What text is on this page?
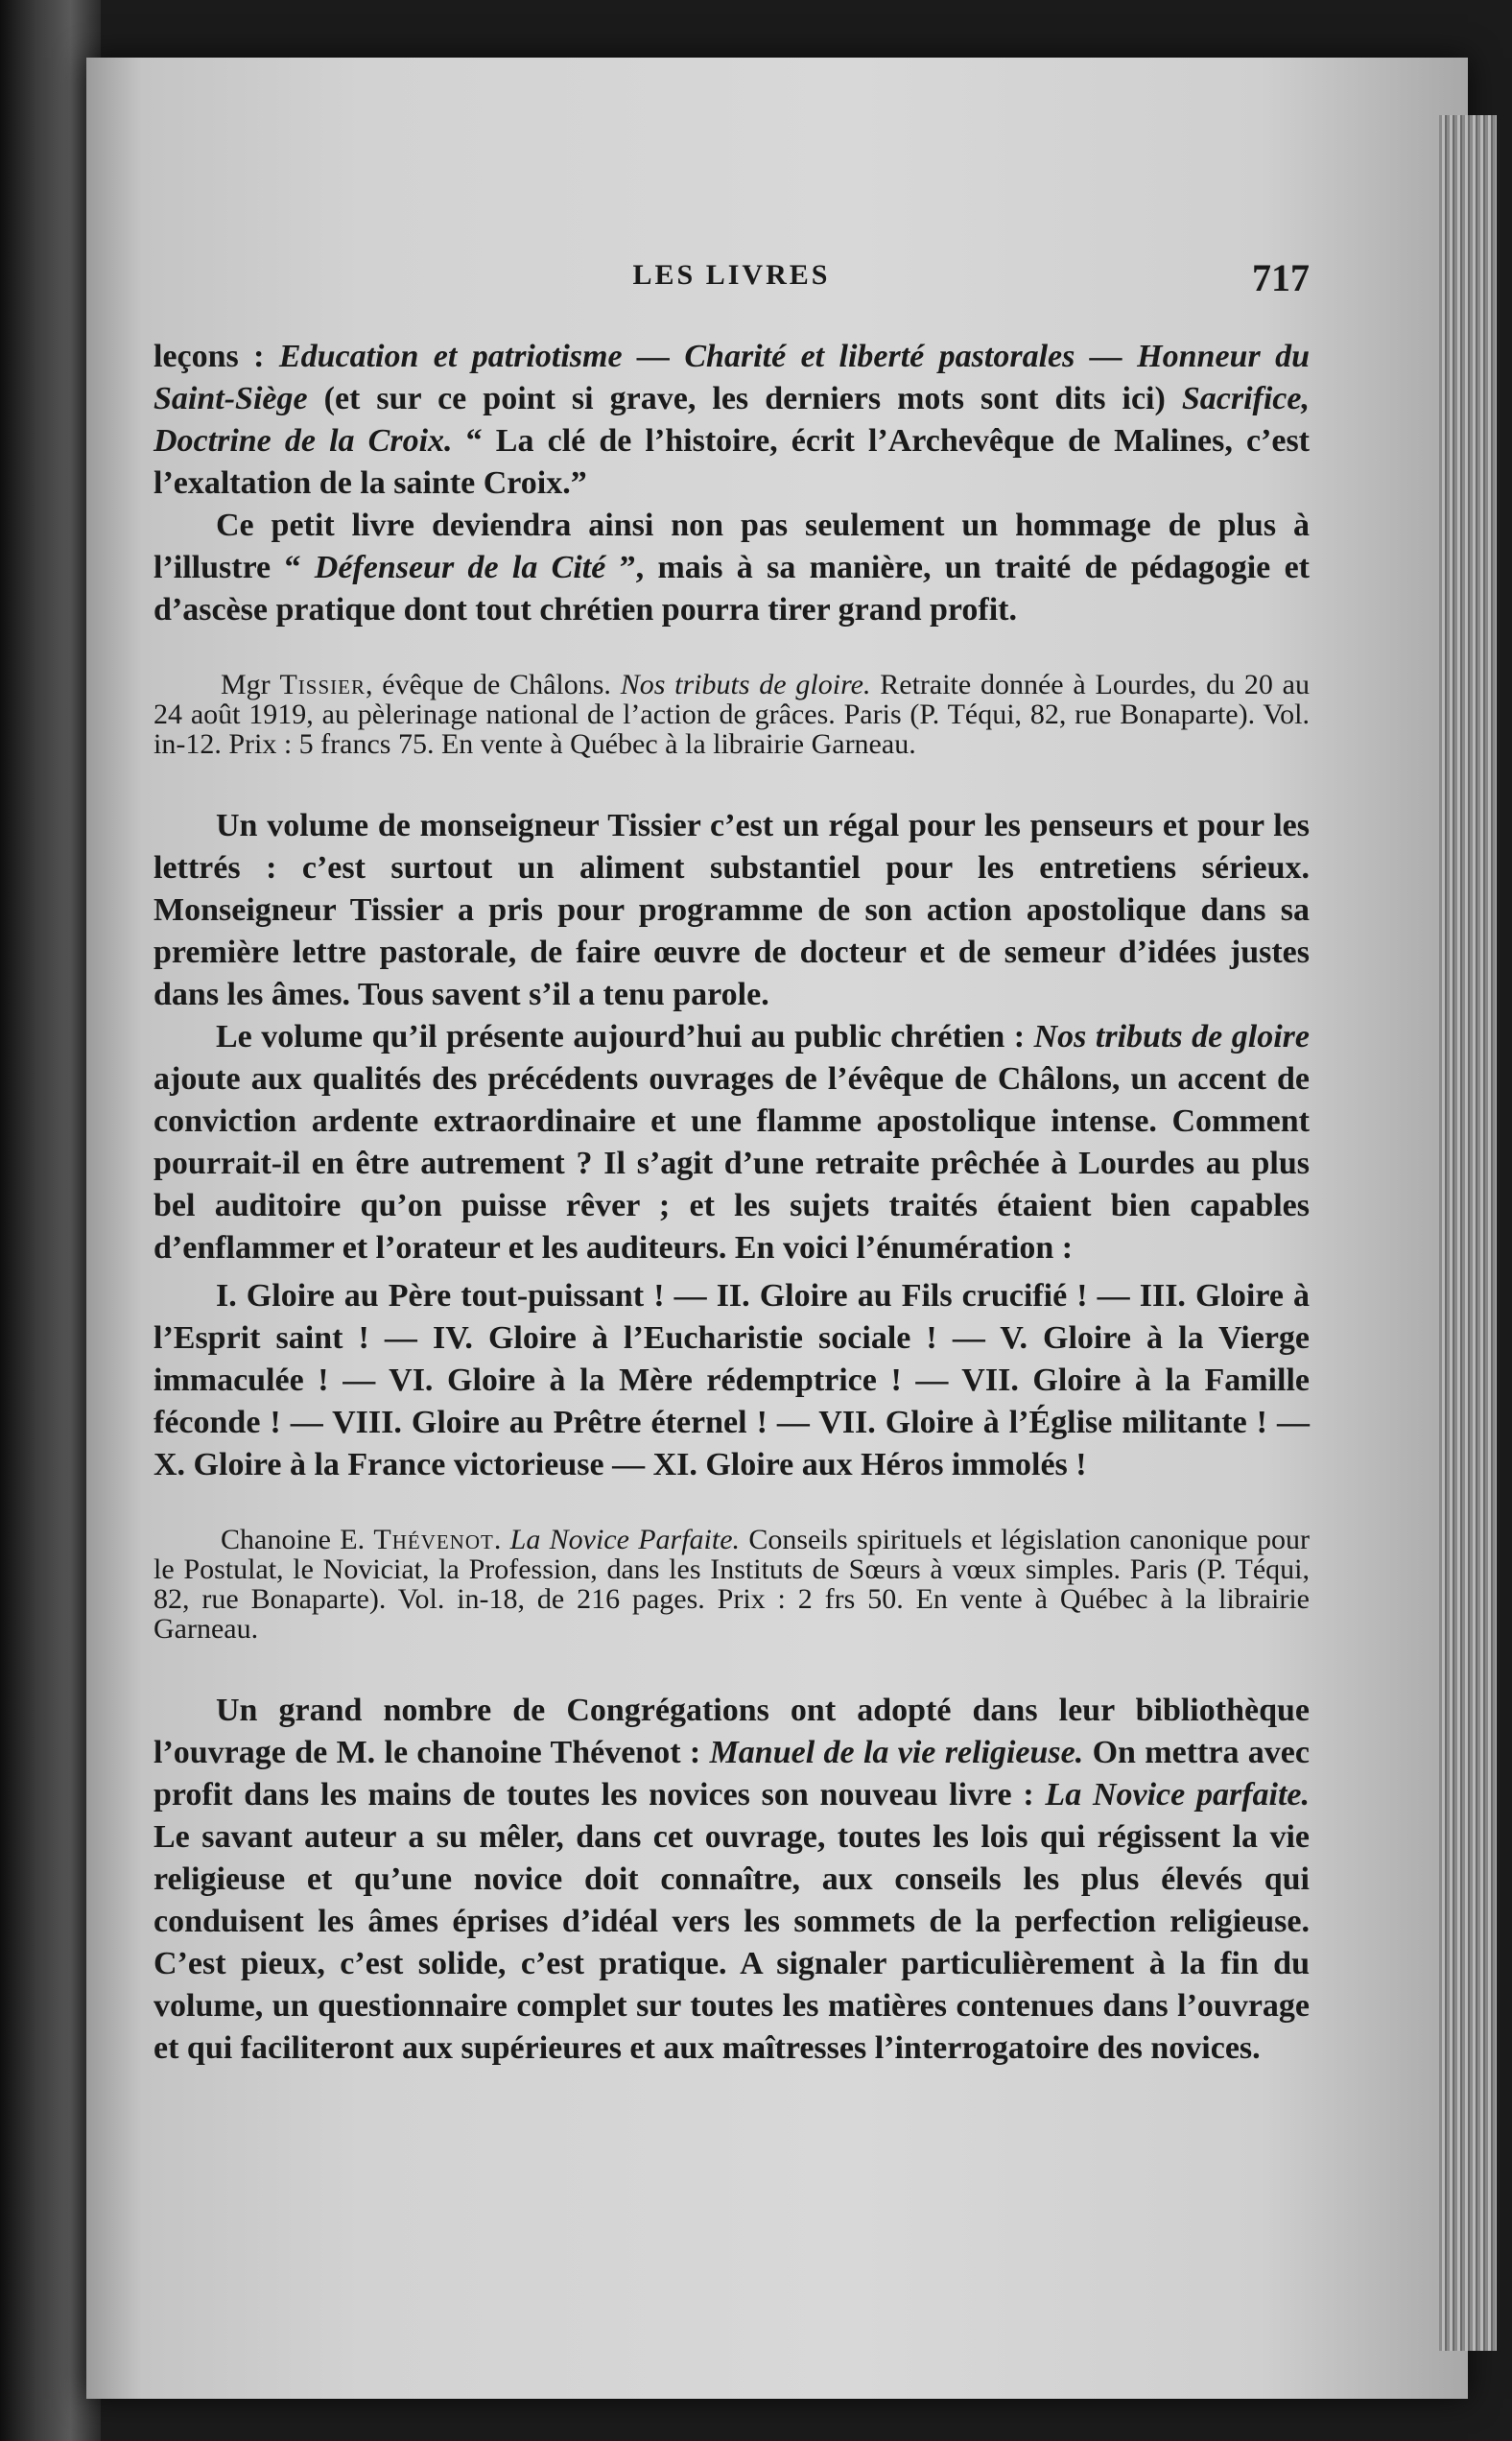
LES LIVRES	717

leçons : Education et patriotisme — Charité et liberté pastorales — Honneur du Saint-Siège (et sur ce point si grave, les derniers mots sont dits ici) Sacrifice, Doctrine de la Croix. “ La clé de l’histoire, écrit l’Archevêque de Malines, c’est l’exaltation de la sainte Croix.”

Ce petit livre deviendra ainsi non pas seulement un hommage de plus à l’illustre “ Défenseur de la Cité ”, mais à sa manière, un traité de pédagogie et d’ascèse pratique dont tout chrétien pourra tirer grand profit.

Mgr Tissier, évêque de Châlons. Nos tributs de gloire. Retraite donnée à Lourdes, du 20 au 24 août 1919, au pèlerinage national de l’action de grâces. Paris (P. Téqui, 82, rue Bonaparte). Vol. in-12. Prix : 5 francs 75. En vente à Québec à la librairie Garneau.

Un volume de monseigneur Tissier c’est un régal pour les penseurs et pour les lettrés : c’est surtout un aliment substantiel pour les entretiens sérieux. Monseigneur Tissier a pris pour programme de son action apostolique dans sa première lettre pastorale, de faire œuvre de docteur et de semeur d’idées justes dans les âmes. Tous savent s’il a tenu parole.

Le volume qu’il présente aujourd’hui au public chrétien : Nos tributs de gloire ajoute aux qualités des précédents ouvrages de l’évêque de Châlons, un accent de conviction ardente extraordinaire et une flamme apostolique intense. Comment pourrait-il en être autrement ? Il s’agit d’une retraite prêchée à Lourdes au plus bel auditoire qu’on puisse rêver ; et les sujets traités étaient bien capables d’enflammer et l’orateur et les auditeurs. En voici l’énumération :

I. Gloire au Père tout-puissant ! — II. Gloire au Fils crucifié ! — III. Gloire à l’Esprit saint ! — IV. Gloire à l’Eucharistie sociale ! — V. Gloire à la Vierge immaculée ! — VI. Gloire à la Mère rédemptrice ! — VII. Gloire à la Famille féconde ! — VIII. Gloire au Prêtre éternel ! — VII. Gloire à l’Église militante ! — X. Gloire à la France victorieuse — XI. Gloire aux Héros immolés !

Chanoine E. Thévenot. La Novice Parfaite. Conseils spirituels et législation canonique pour le Postulat, le Noviciat, la Profession, dans les Instituts de Sœurs à vœux simples. Paris (P. Téqui, 82, rue Bonaparte). Vol. in-18, de 216 pages. Prix : 2 frs 50. En vente à Québec à la librairie Garneau.

Un grand nombre de Congrégations ont adopté dans leur bibliothèque l’ouvrage de M. le chanoine Thévenot : Manuel de la vie religieuse. On mettra avec profit dans les mains de toutes les novices son nouveau livre : La Novice parfaite. Le savant auteur a su mêler, dans cet ouvrage, toutes les lois qui régissent la vie religieuse et qu’une novice doit connaître, aux conseils les plus élevés qui conduisent les âmes éprises d’idéal vers les sommets de la perfection religieuse. C’est pieux, c’est solide, c’est pratique. A signaler particulièrement à la fin du volume, un questionnaire complet sur toutes les matières contenues dans l’ouvrage et qui faciliteront aux supérieures et aux maîtresses l’interrogatoire des novices.
